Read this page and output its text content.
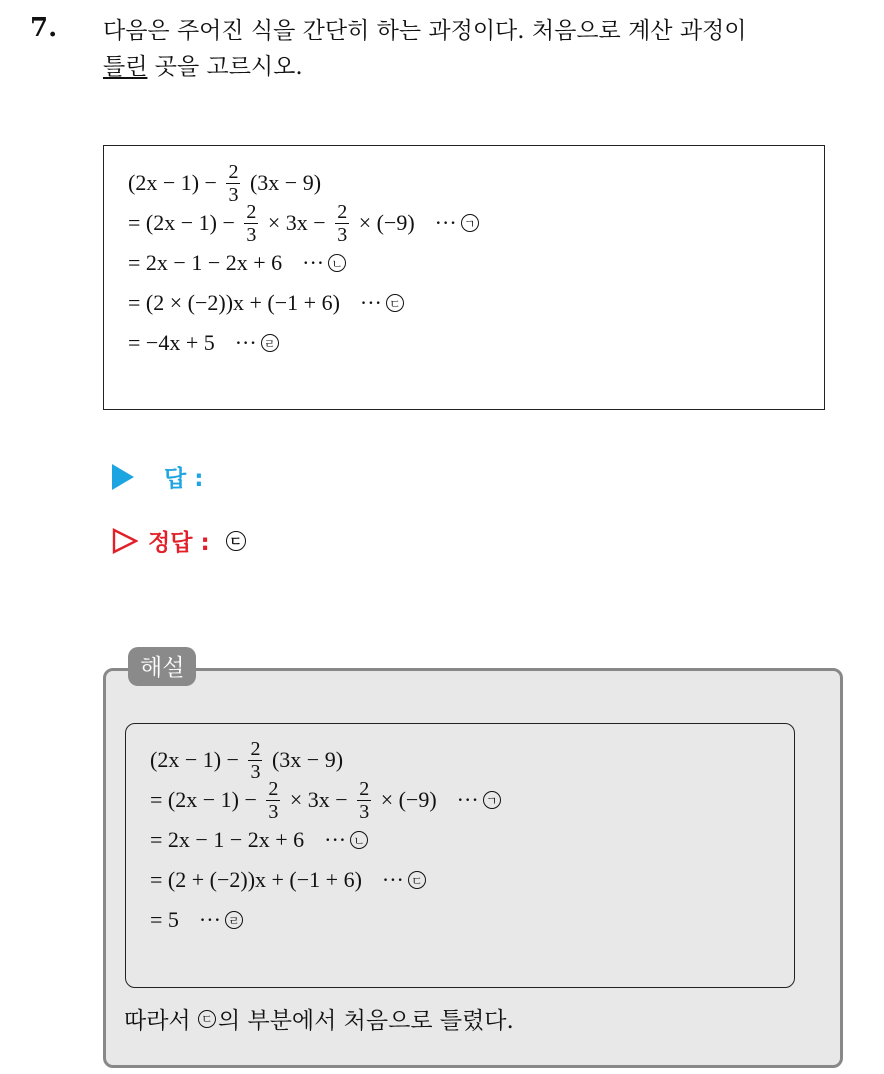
7. 다음은 주어진 식을 간단히 하는 과정이다. 처음으로 계산 과정이
틀린 곳을 고르시오.
$(2x - 1) - \frac{2}{3} (3x - 9)$
= $(2x - 1) - \frac{2}{3} \times 3x - \frac{2}{3} \times (-9)$ ··· ㄱ
= 2x − 1 − 2x + 6 ··· ㄴ
= (2 × (−2))x + (−1 + 6) ··· ㄷ
= −4x + 5 ··· ㄹ
답 :
정답 : ㄷ
해설
$(2x - 1) - \frac{2}{3} (3x - 9)$
= $(2x - 1) - \frac{2}{3} \times 3x - \frac{2}{3} \times (-9)$ ··· ㄱ
= 2x − 1 − 2x + 6 ··· ㄴ
= (2 + (−2))x + (−1 + 6) ··· ㄷ
= 5 ··· ㄹ
따라서 ㄷ 의 부분에서 처음으로 틀렸다.
